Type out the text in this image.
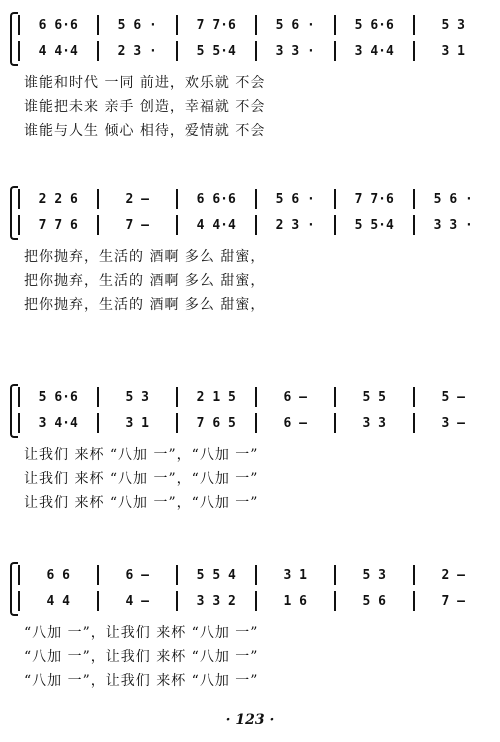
6 6·6	5 6 ·	7 7·6	5 6 ·	5 6·6	5 3
4 4·4	2 3 ·	5 5·4	3 3 ·	3 4·4	3 1
谁能和时代 一同 前进，欢乐就 不会
谁能把未来 亲手 创造，幸福就 不会
谁能与人生 倾心 相待，爱情就 不会
2 2 6	2 –	6 6·6	5 6 ·	7 7·6	5 6 ·
7 7 6	7 –	4 4·4	2 3 ·	5 5·4	3 3 ·
把你抛弃，生活的 酒啊 多么 甜蜜，
把你抛弃，生活的 酒啊 多么 甜蜜，
把你抛弃，生活的 酒啊 多么 甜蜜，
5 6·6	5 3	2 1 5	6 –	5 5	5 –
3 4·4	3 1	7 6 5	6 –	3 3	3 –
让我们 来杯 “八加 一”，“八加 一”
让我们 来杯 “八加 一”，“八加 一”
让我们 来杯 “八加 一”，“八加 一”
6 6	6 –	5 5 4	3 1	5 3	2 –
4 4	4 –	3 3 2	1 6	5 6	7 –
“八加 一”，让我们 来杯 “八加 一”
“八加 一”，让我们 来杯 “八加 一”
“八加 一”，让我们 来杯 “八加 一”
· 123 ·
